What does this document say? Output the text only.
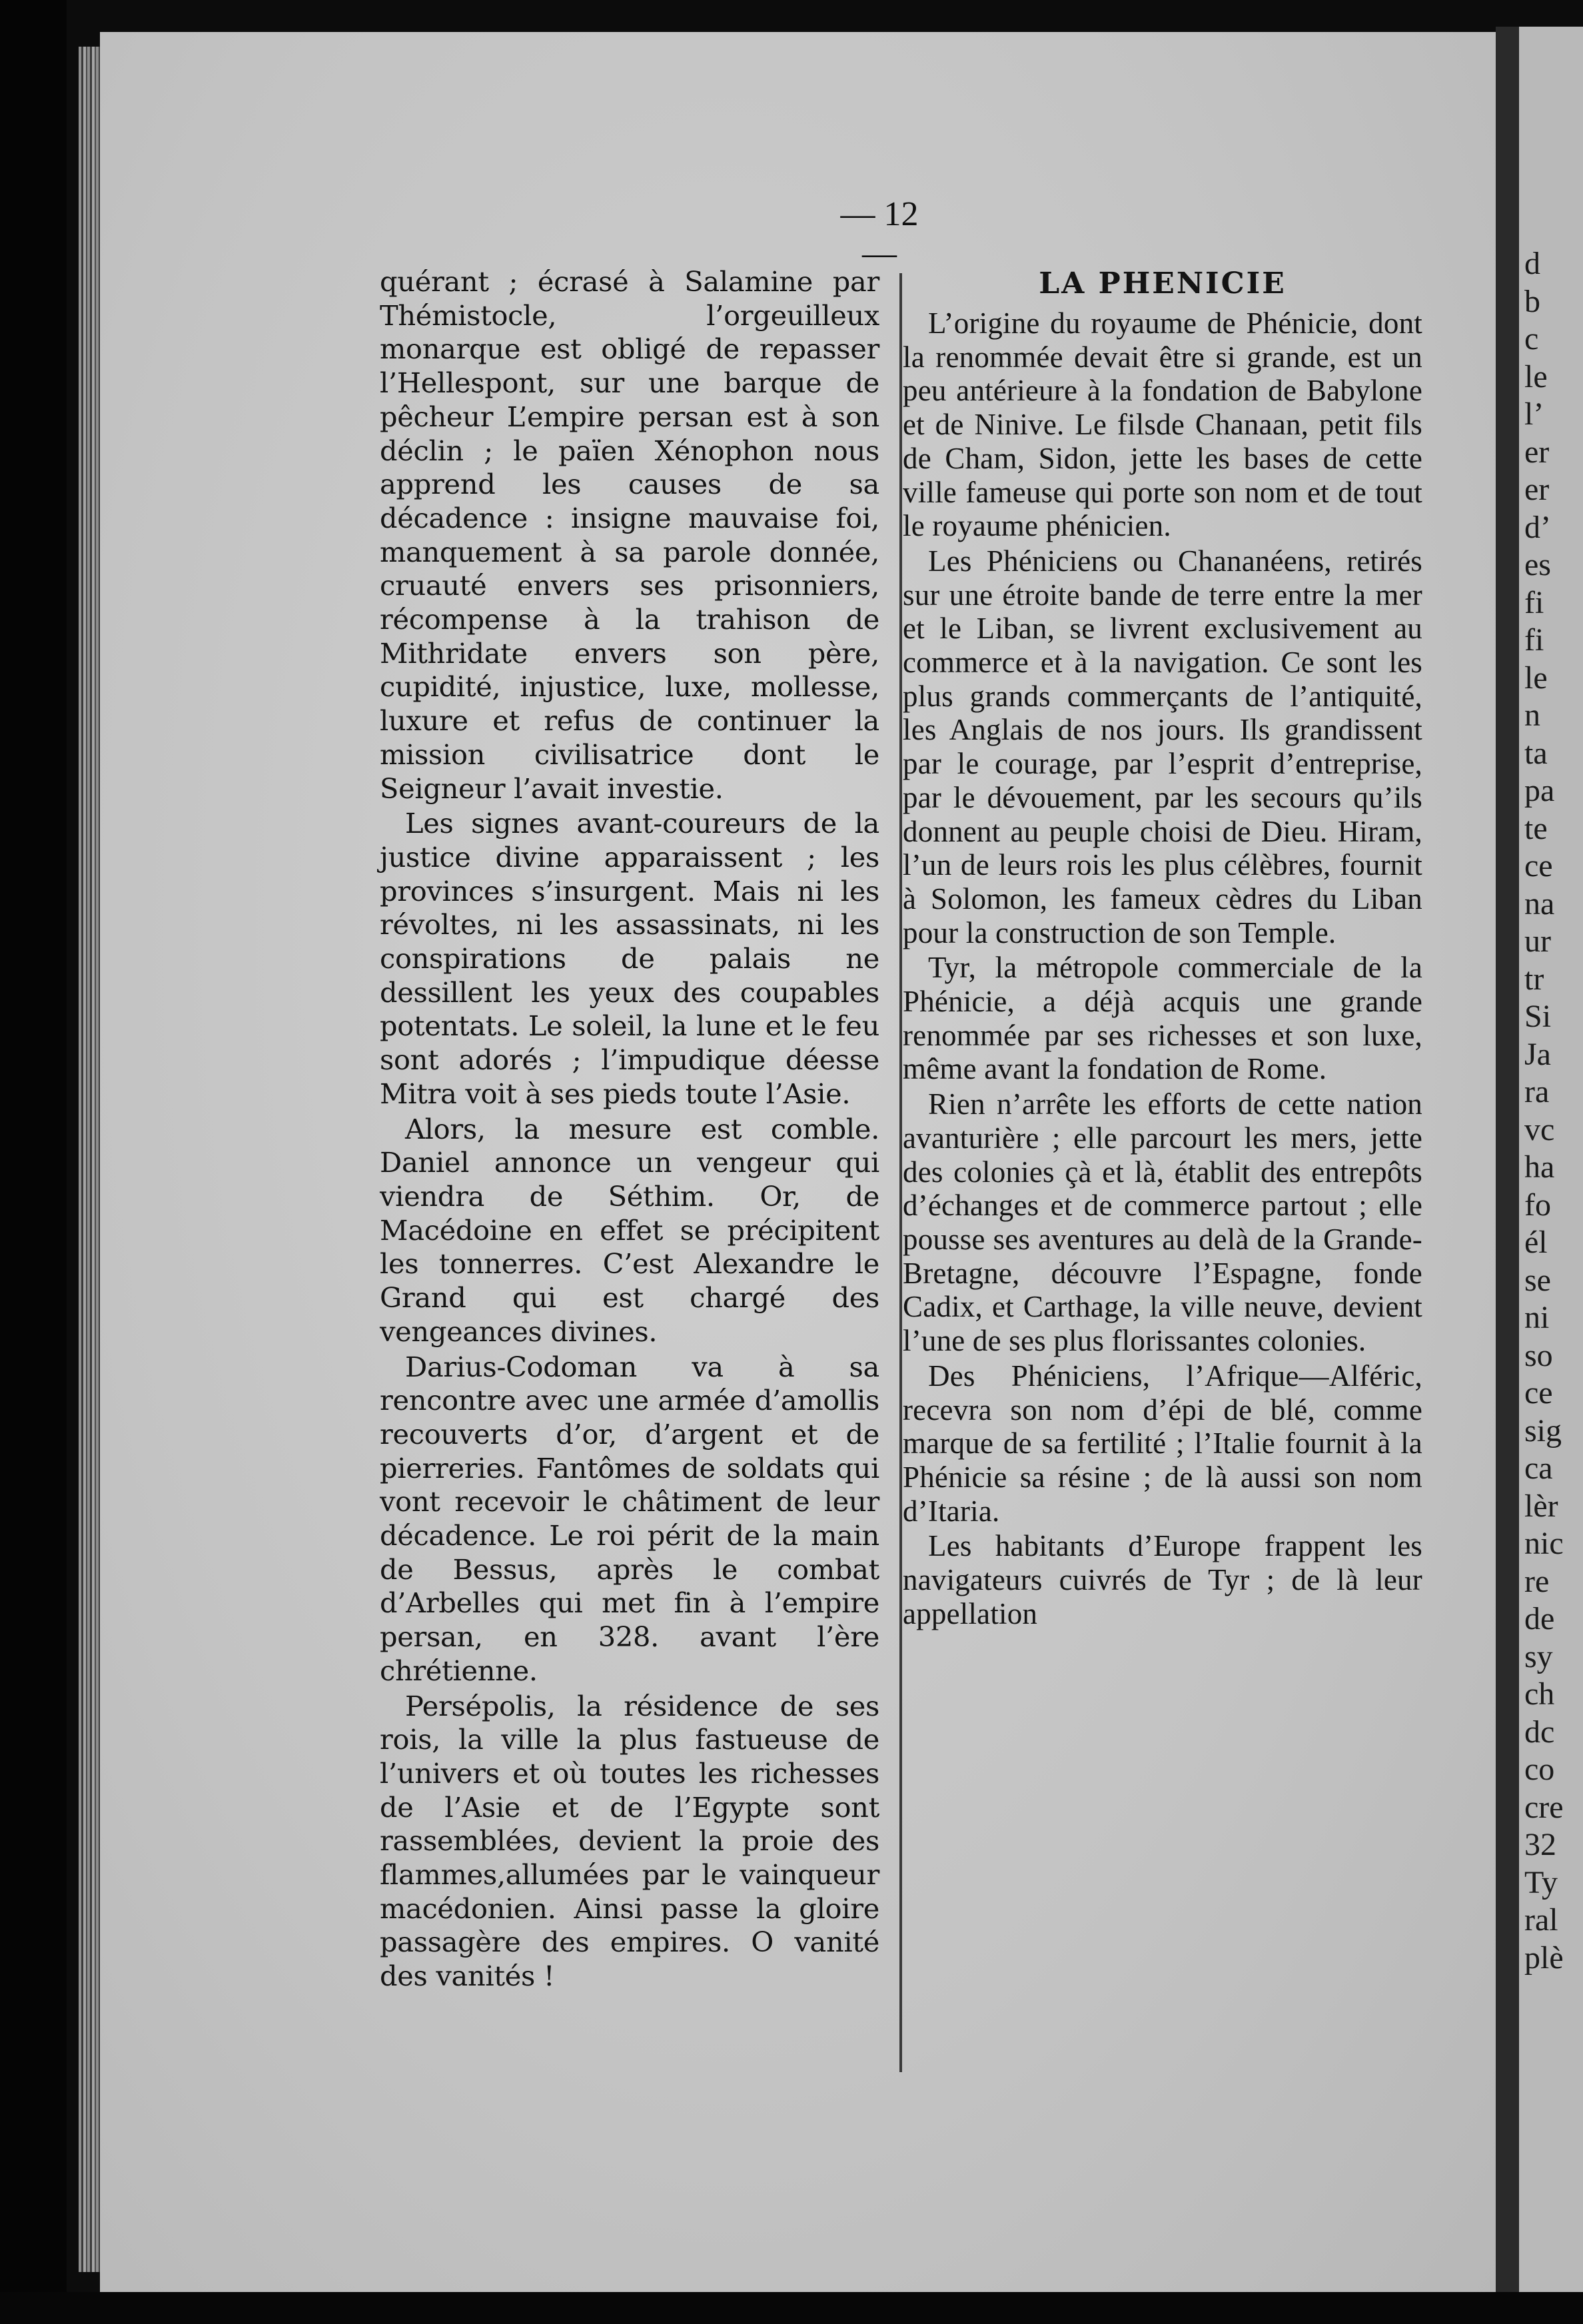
— 12 —

quérant ; écrasé à Salamine par Thémistocle, l’orgeuilleux monarque est obligé de repasser l’Hellespont, sur une barque de pêcheur L’empire persan est à son déclin ; le païen Xénophon nous apprend les causes de sa décadence : insigne mauvaise foi, manquement à sa parole donnée, cruauté envers ses prisonniers, récompense à la trahison de Mithridate envers son père, cupidité, injustice, luxe, mollesse, luxure et refus de continuer la mission civilisatrice dont le Seigneur l’avait investie.

Les signes avant-coureurs de la justice divine apparaissent ; les provinces s’insurgent. Mais ni les révoltes, ni les assassinats, ni les conspirations de palais ne dessillent les yeux des coupables potentats. Le soleil, la lune et le feu sont adorés ; l’impudique déesse Mitra voit à ses pieds toute l’Asie.

Alors, la mesure est comble. Daniel annonce un vengeur qui viendra de Séthim. Or, de Macédoine en effet se précipitent les tonnerres. C’est Alexandre le Grand qui est chargé des vengeances divines.

Darius-Codoman va à sa rencontre avec une armée d’amollis recouverts d’or, d’argent et de pierreries. Fantômes de soldats qui vont recevoir le châtiment de leur décadence. Le roi périt de la main de Bessus, après le combat d’Arbelles qui met fin à l’empire persan, en 328. avant l’ère chrétienne.

Persépolis, la résidence de ses rois, la ville la plus fastueuse de l’univers et où toutes les richesses de l’Asie et de l’Egypte sont rassemblées, devient la proie des flammes,allumées par le vainqueur macédonien. Ainsi passe la gloire passagère des empires. O vanité des vanités !

LA PHENICIE

L’origine du royaume de Phénicie, dont la renommée devait être si grande, est un peu antérieure à la fondation de Babylone et de Ninive. Le filsde Chanaan, petit fils de Cham, Sidon, jette les bases de cette ville fameuse qui porte son nom et de tout le royaume phénicien.

Les Phéniciens ou Chananéens, retirés sur une étroite bande de terre entre la mer et le Liban, se livrent exclusivement au commerce et à la navigation. Ce sont les plus grands commerçants de l’antiquité, les Anglais de nos jours. Ils grandissent par le courage, par l’esprit d’entreprise, par le dévouement, par les secours qu’ils donnent au peuple choisi de Dieu. Hiram, l’un de leurs rois les plus célèbres, fournit à Solomon, les fameux cèdres du Liban pour la construction de son Temple.

Tyr, la métropole commerciale de la Phénicie, a déjà acquis une grande renommée par ses richesses et son luxe, même avant la fondation de Rome.

Rien n’arrête les efforts de cette nation avanturière ; elle parcourt les mers, jette des colonies çà et là, établit des entrepôts d’échanges et de commerce partout ; elle pousse ses aventures au delà de la Grande-Bretagne, découvre l’Espagne, fonde Cadix, et Carthage, la ville neuve, devient l’une de ses plus florissantes colonies.

Des Phéniciens, l’Afrique—Alféric, recevra son nom d’épi de blé, comme marque de sa fertilité ; l’Italie fournit à la Phénicie sa résine ; de là aussi son nom d’Itaria.

Les habitants d’Europe frappent les navigateurs cuivrés de Tyr ; de là leur appellation

d
b
c
le
l’
er
er
d’
es
fi
fi
le
n
ta
pa
te
ce
na
ur
tr
Si
Ja
ra
vc
ha
fo
él
se
ni
so
ce
sig
ca
lèr
nic
re
de
sy
ch
dc
co
cre
32
Ty
ral
plè
